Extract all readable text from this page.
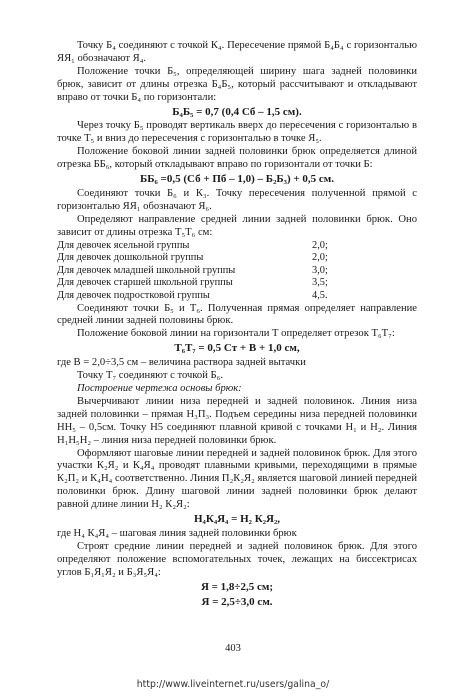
Точку Б₄ соединяют с точкой К₄. Пересечение прямой Б₄Б₄ с горизонталью ЯЯ₁ обозначают Я₄.

Положение точки Б₅, определяющей ширину шага задней половинки брюк, зависит от длины отрезка Б₄Б₅, который рассчитывают и откладывают вправо от точки Б₄ по горизонтали:

Б₄Б₅ = 0,7 (0,4 Сб – 1,5 см).

Через точку Б₅ проводят вертикаль вверх до пересечения с горизонталью в точке Т₅ и вниз до пересечения с горизонталью в точке Я₅.

Положение боковой линии задней половинки брюк определяется длиной отрезка ББ₆, который откладывают вправо по горизонтали от точки Б:

ББ₆ =0,5 (Сб + Пб – 1,0) – Б₂Б₃) + 0,5 см.

Соединяют точки Б₆ и К₃. Точку пересечения полученной прямой с горизонталью ЯЯ₁ обозначают Я₆.

Определяют направление средней линии задней половинки брюк. Оно зависит от длины отрезка Т₅Т₆ см:

Для девочек ясельной группы	2,0;
Для девочек дошкольной группы	2,0;
Для девочек младшей школьной группы	3,0;
Для девочек старшей школьной группы	3,5;
Для девочек подростковой группы	4,5.

Соединяют точки Б₅ и Т₆. Полученная прямая определяет направление средней линии задней половины брюк.

Положение боковой линии на горизонтали Т определяет отрезок Т₆Т₇:

Т₆Т₇ = 0,5 Ст + В + 1,0 см,

где В = 2,0÷3,5 см – величина раствора задней вытачки

Точку Т₇ соединяют с точкой Б₆.

Построение чертежа основы брюк:

Вычерчивают линии низа передней и задней половинок. Линия низа задней половинки – прямая Н₃П₃. Подъем середины низа передней половинки НН₅ – 0,5см. Точку Н5 соединяют плавной кривой с точками Н₁ и Н₂. Линия Н₁Н₅Н₂ – линия низа передней половинки брюк.

Оформляют шаговые линии передней и задней половинок брюк. Для этого участки К₂Я₂ и К₄Я₄ проводят плавными кривыми, переходящими в прямые К₂П₂ и К₄Н₄ соответственно. Линия П₂К₂Я₂ является шаговой линией передней половинки брюк. Длину шаговой линии задней половинки брюк делают равной длине линии Н₂ К₂Я₂:

Н₄К₄Я₄ = Н₂ К₂Я₂,

где Н₄ К₄Я₄ – шаговая линия задней половинки брюк

Строят средние линии передней и задней половинок брюк. Для этого определяют положение вспомогательных точек, лежащих на биссектрисах углов Б₁Я₁Я₂ и Б₃Я₅Я₄:

Я = 1,8÷2,5 см;

Я = 2,5÷3,0 см.

403
http://www.liveinternet.ru/users/galina_o/
